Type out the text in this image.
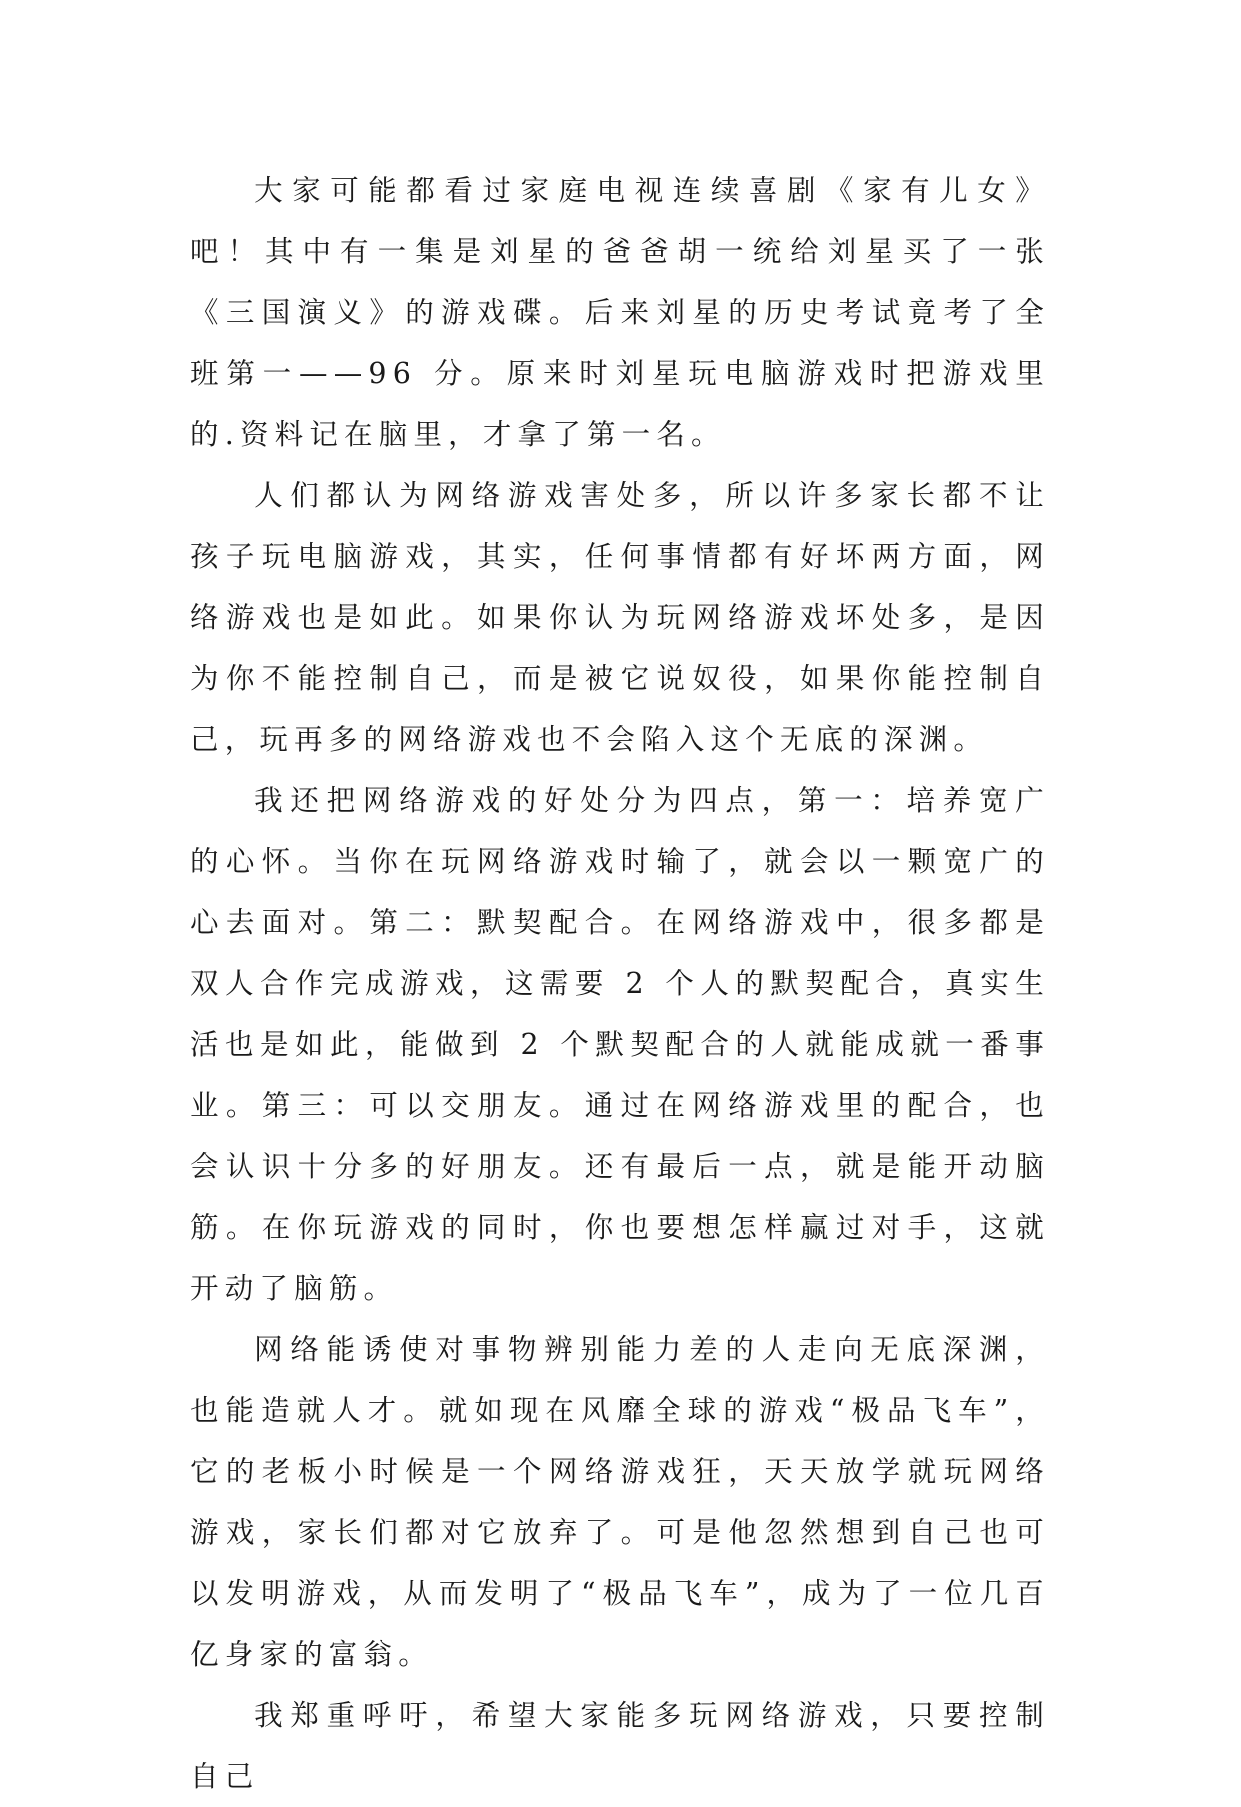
大家可能都看过家庭电视连续喜剧《家有儿女》吧！其中有一集是刘星的爸爸胡一统给刘星买了一张《三国演义》的游戏碟。后来刘星的历史考试竟考了全班第一——96 分。原来时刘星玩电脑游戏时把游戏里的.资料记在脑里，才拿了第一名。

人们都认为网络游戏害处多，所以许多家长都不让孩子玩电脑游戏，其实，任何事情都有好坏两方面，网络游戏也是如此。如果你认为玩网络游戏坏处多，是因为你不能控制自己，而是被它说奴役，如果你能控制自己，玩再多的网络游戏也不会陷入这个无底的深渊。

我还把网络游戏的好处分为四点，第一：培养宽广的心怀。当你在玩网络游戏时输了，就会以一颗宽广的心去面对。第二：默契配合。在网络游戏中，很多都是双人合作完成游戏，这需要 2 个人的默契配合，真实生活也是如此，能做到 2 个默契配合的人就能成就一番事业。第三：可以交朋友。通过在网络游戏里的配合，也会认识十分多的好朋友。还有最后一点，就是能开动脑筋。在你玩游戏的同时，你也要想怎样赢过对手，这就开动了脑筋。

网络能诱使对事物辨别能力差的人走向无底深渊，也能造就人才。就如现在风靡全球的游戏“极品飞车”，它的老板小时候是一个网络游戏狂，天天放学就玩网络游戏，家长们都对它放弃了。可是他忽然想到自己也可以发明游戏，从而发明了“极品飞车”，成为了一位几百亿身家的富翁。

我郑重呼吁，希望大家能多玩网络游戏，只要控制自己
